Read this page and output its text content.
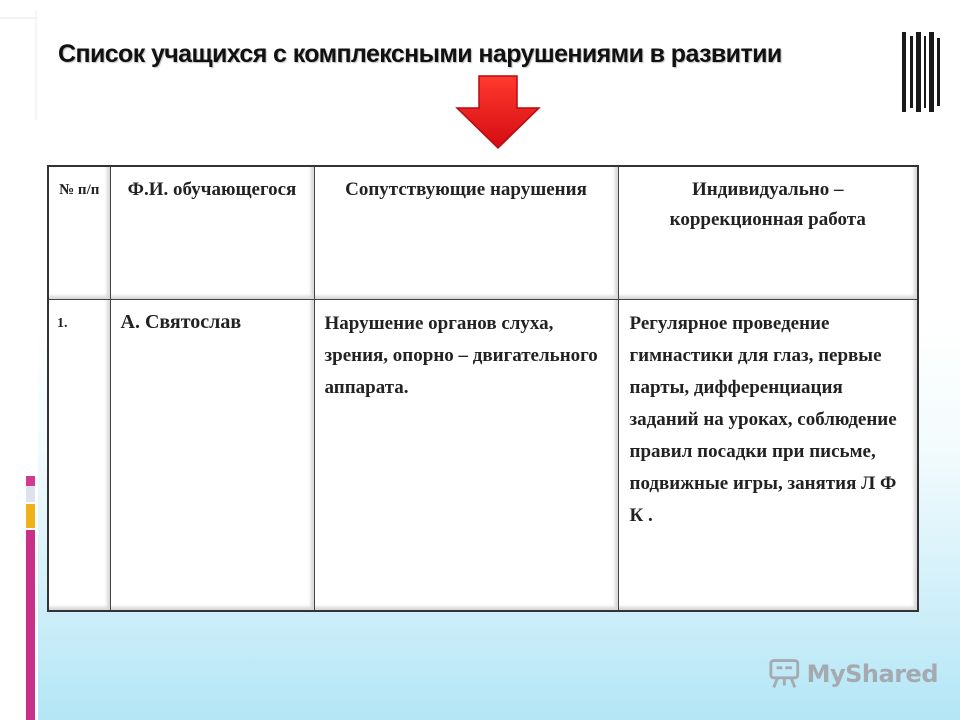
Список учащихся с комплексными нарушениями в развитии
№ п/п	Ф.И. обучающегося	Сопутствующие нарушения	Индивидуально – коррекционная работа
1.	А. Святослав	Нарушение органов слуха, зрения, опорно – двигательного аппарата.	Регулярное проведение гимнастики для глаз, первые парты, дифференциация заданий на уроках, соблюдение правил посадки при письме, подвижные игры, занятия Л Ф К .
MyShared
